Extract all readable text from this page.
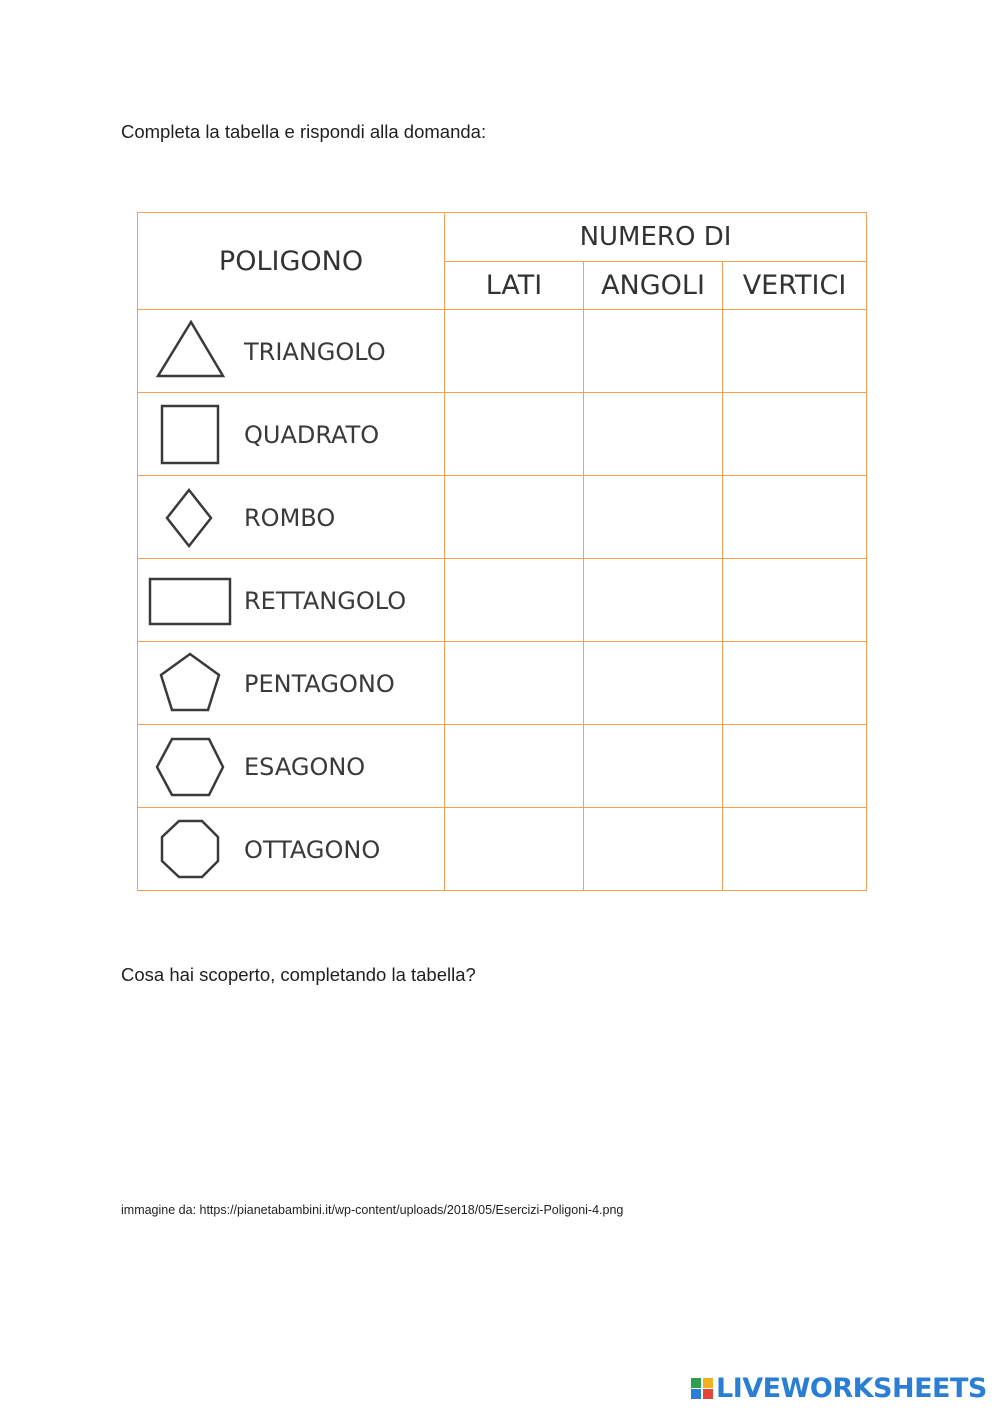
Completa la tabella e rispondi alla domanda:
POLIGONO	NUMERO DI		
	LATI	ANGOLI	VERTICI

TRIANGOLO			

QUADRATO			

ROMBO			

RETTANGOLO			

PENTAGONO			

ESAGONO			

OTTAGONO			

Cosa hai scoperto, completando la tabella?
immagine da: https://pianetabambini.it/wp-content/uploads/2018/05/Esercizi-Poligoni-4.png
LIVEWORKSHEETS
